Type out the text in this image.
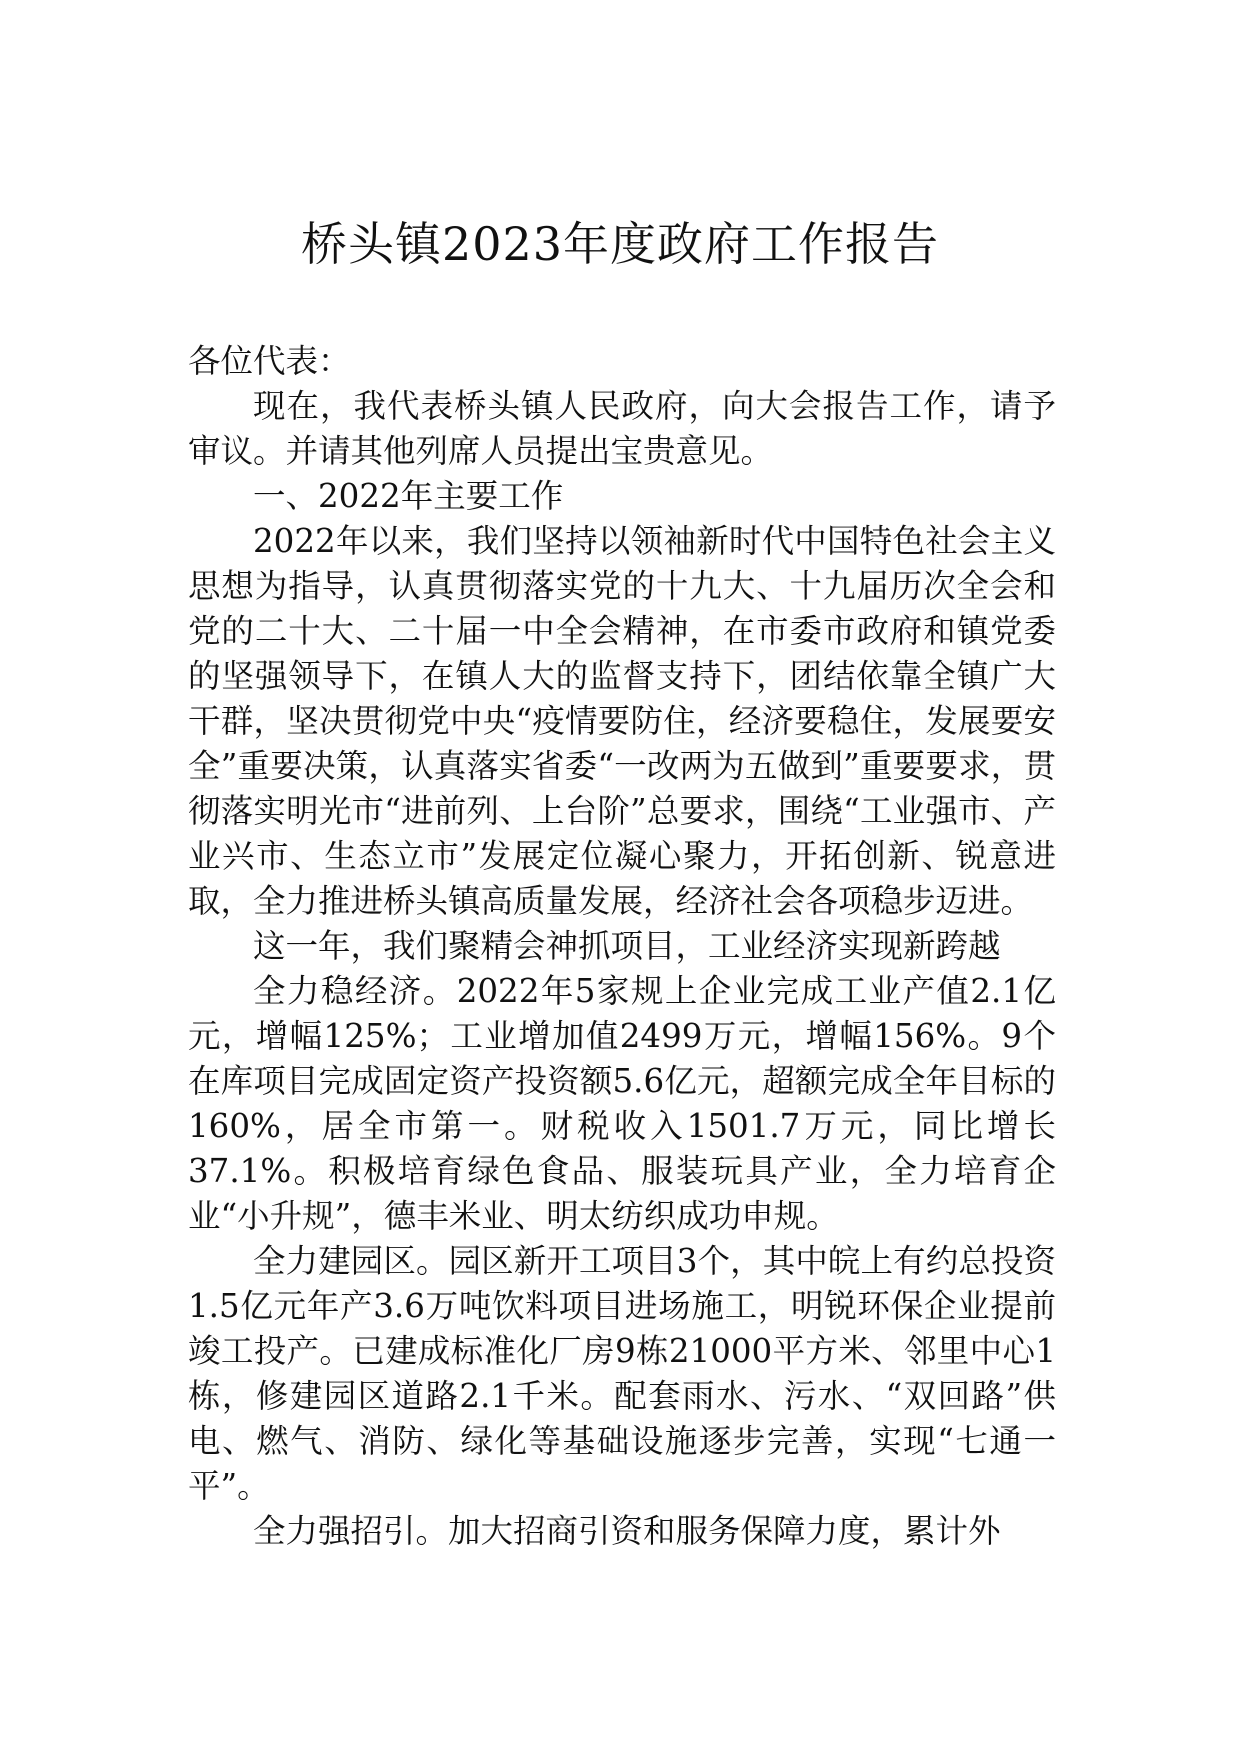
桥头镇2023年度政府工作报告

各位代表：

现在，我代表桥头镇人民政府，向大会报告工作，请予审议。并请其他列席人员提出宝贵意见。

一、2022年主要工作

2022年以来，我们坚持以领袖新时代中国特色社会主义思想为指导，认真贯彻落实党的十九大、十九届历次全会和党的二十大、二十届一中全会精神，在市委市政府和镇党委的坚强领导下，在镇人大的监督支持下，团结依靠全镇广大干群，坚决贯彻党中央“疫情要防住，经济要稳住，发展要安全”重要决策，认真落实省委“一改两为五做到”重要要求，贯彻落实明光市“进前列、上台阶”总要求，围绕“工业强市、产业兴市、生态立市”发展定位凝心聚力，开拓创新、锐意进取，全力推进桥头镇高质量发展，经济社会各项稳步迈进。

这一年，我们聚精会神抓项目，工业经济实现新跨越

全力稳经济。2022年5家规上企业完成工业产值2.1亿元，增幅125%；工业增加值2499万元，增幅156%。9个在库项目完成固定资产投资额5.6亿元，超额完成全年目标的160%，居全市第一。财税收入1501.7万元，同比增长37.1%。积极培育绿色食品、服装玩具产业，全力培育企业“小升规”，德丰米业、明太纺织成功申规。

全力建园区。园区新开工项目3个，其中皖上有约总投资1.5亿元年产3.6万吨饮料项目进场施工，明锐环保企业提前竣工投产。已建成标准化厂房9栋21000平方米、邻里中心1栋，修建园区道路2.1千米。配套雨水、污水、“双回路”供电、燃气、消防、绿化等基础设施逐步完善，实现“七通一平”。

全力强招引。加大招商引资和服务保障力度，累计外
